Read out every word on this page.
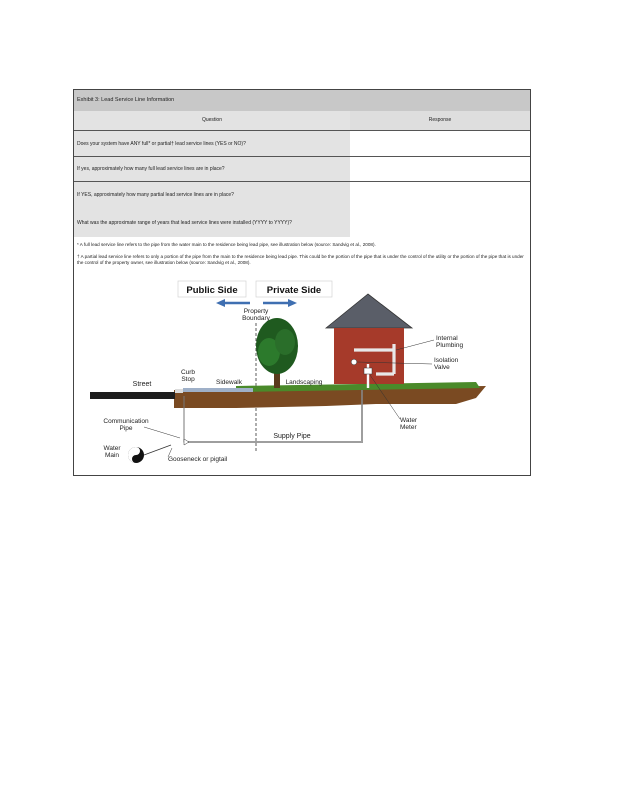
Exhibit 3: Lead Service Line Information
Question	Response
Does your system have ANY full* or partial† lead service lines (YES or NO)?
If yes, approximately how many full lead service lines are in place?
If YES, approximately how many partial lead service lines are in place?
What was the approximate range of years that lead service lines were installed (YYYY to YYYY)?
* A full lead service line refers to the pipe from the water main to the residence being lead pipe, see illustration below (source: Sandvig et al., 2008).
† A partial lead service line refers to only a portion of the pipe from the main to the residence being lead pipe. This could be the portion of the pipe that is under the control of the utility or the portion of the pipe that is under the control of the property owner, see illustration below (source: Sandvig et al., 2008).
Public Side	Private Side
Property
Boundary
Street
Curb
Stop	Sidewalk	Landscaping
Internal
Plumbing
Isolation
Valve
Water
Meter
Communication
Pipe
Supply Pipe
Water
Main
Gooseneck or pigtail
